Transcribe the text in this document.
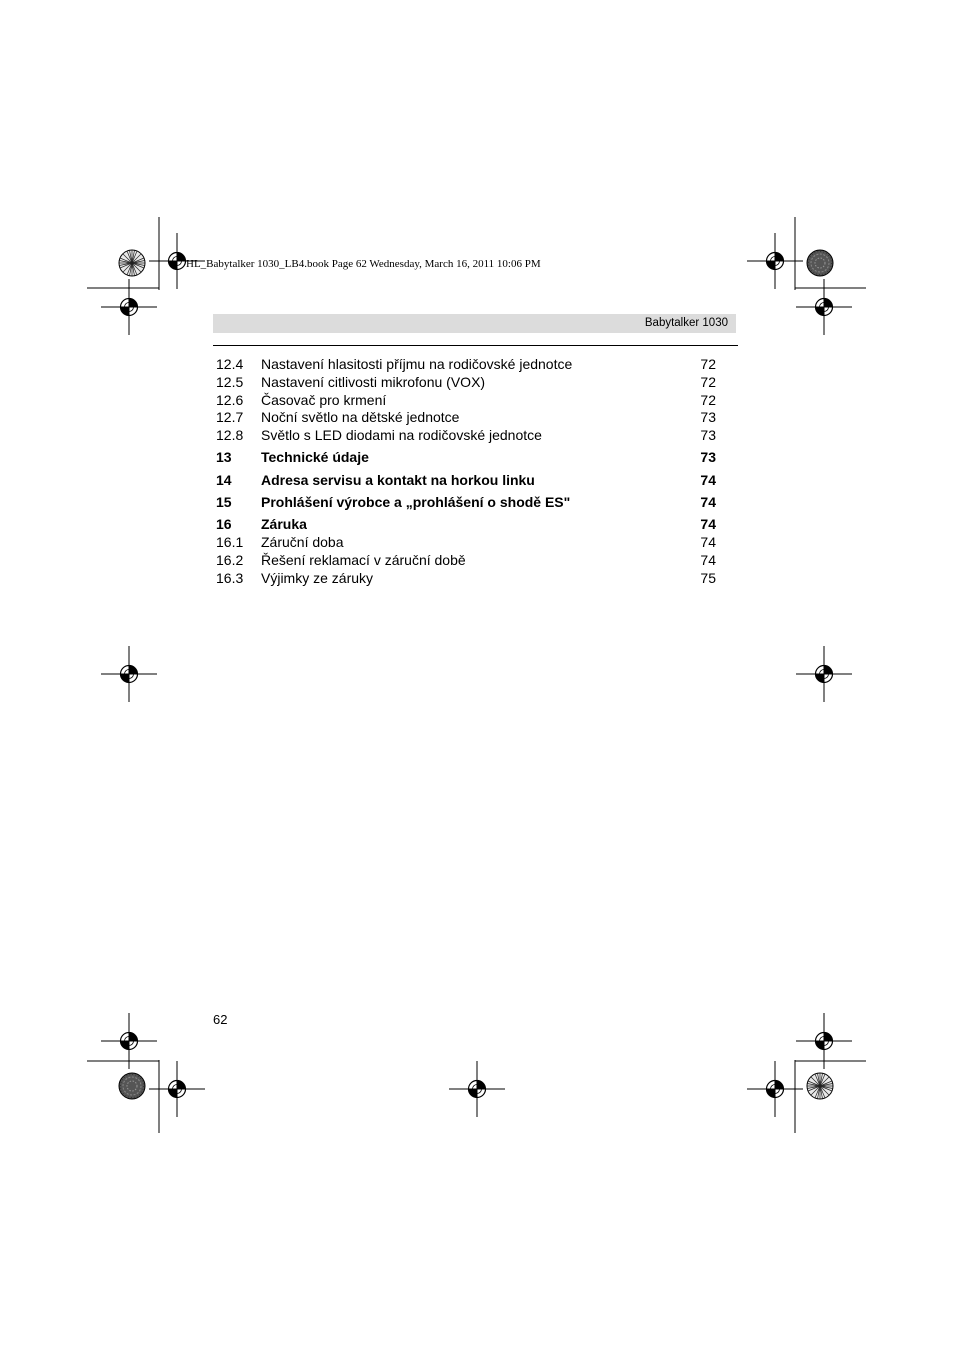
HL_Babytalker 1030_LB4.book Page 62 Wednesday, March 16, 2011 10:06 PM
Babytalker 1030
12.4 Nastavení hlasitosti příjmu na rodičovské jednotce	72
12.5 Nastavení citlivosti mikrofonu (VOX)	72
12.6 Časovač pro krmení	72
12.7 Noční světlo na dětské jednotce	73
12.8 Světlo s LED diodami na rodičovské jednotce	73
13 Technické údaje	73
14 Adresa servisu a kontakt na horkou linku	74
15 Prohlášení výrobce a „prohlášení o shodě ES"	74
16 Záruka	74
16.1 Záruční doba	74
16.2 Řešení reklamací v záruční době	74
16.3 Výjimky ze záruky	75
62
